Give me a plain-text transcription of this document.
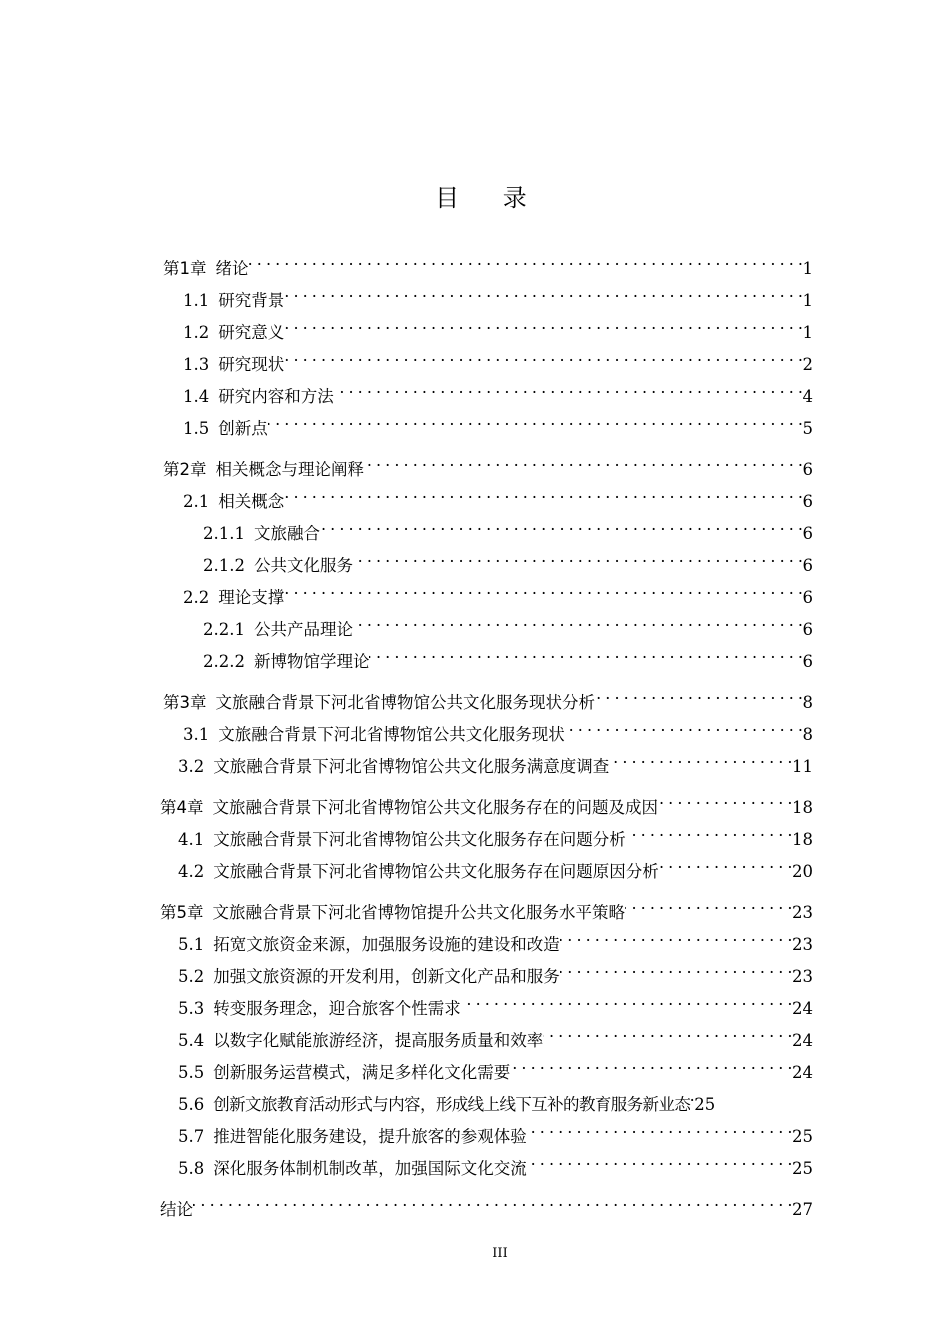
目 录
第1章 绪论 . . .	1
1.1 研究背景 . . .	1
1.2 研究意义 . . .	1
1.3 研究现状 . . .	2
1.4 研究内容和方法 . . .	4
1.5 创新点 . . .	5
第2章 相关概念与理论阐释 . . .	6
2.1 相关概念 . . .	6
2.1.1 文旅融合 . . .	6
2.1.2 公共文化服务 . . .	6
2.2 理论支撑 . . .	6
2.2.1 公共产品理论 . . .	6
2.2.2 新博物馆学理论 . . .	6
第3章 文旅融合背景下河北省博物馆公共文化服务现状分析 . . .	8
3.1 文旅融合背景下河北省博物馆公共文化服务现状 . . .	8
3.2 文旅融合背景下河北省博物馆公共文化服务满意度调查 . . .	11
第4章 文旅融合背景下河北省博物馆公共文化服务存在的问题及成因 . . .	18
4.1 文旅融合背景下河北省博物馆公共文化服务存在问题分析 . . .	18
4.2 文旅融合背景下河北省博物馆公共文化服务存在问题原因分析 . . .	20
第5章 文旅融合背景下河北省博物馆提升公共文化服务水平策略 . . .	23
5.1 拓宽文旅资金来源，加强服务设施的建设和改造 . . .	23
5.2 加强文旅资源的开发利用，创新文化产品和服务 . . .	23
5.3 转变服务理念，迎合旅客个性需求 . . .	24
5.4 以数字化赋能旅游经济，提高服务质量和效率 . . .	24
5.5 创新服务运营模式，满足多样化文化需要 . . .	24
5.6 创新文旅教育活动形式与内容，形成线上线下互补的教育服务新业态 . . . 25
5.7 推进智能化服务建设，提升旅客的参观体验 . . .	25
5.8 深化服务体制机制改革，加强国际文化交流 . . .	25
结论 . . .	27
III
